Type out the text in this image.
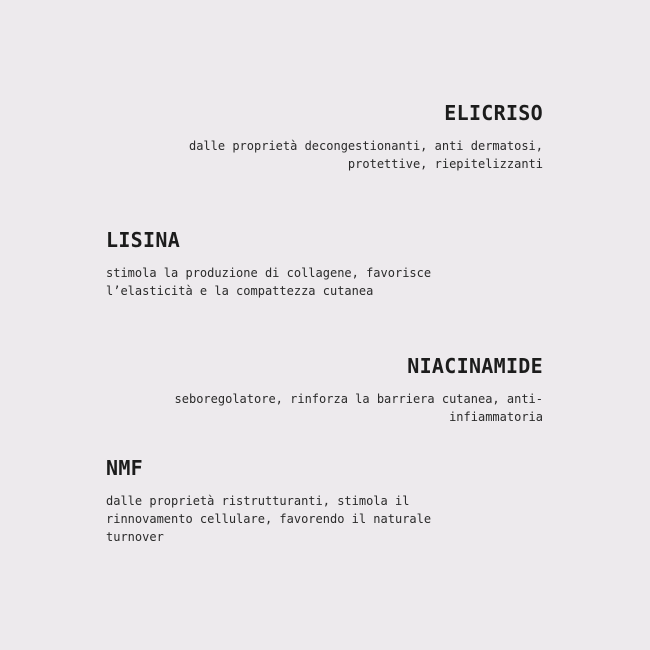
ELICRISO

dalle proprietà decongestionanti, anti dermatosi,
protettive, riepitelizzanti

LISINA

stimola la produzione di collagene, favorisce
l’elasticità e la compattezza cutanea

NIACINAMIDE

seboregolatore, rinforza la barriera cutanea, anti-
infiammatoria

NMF

dalle proprietà ristrutturanti, stimola il
rinnovamento cellulare, favorendo il naturale
turnover
